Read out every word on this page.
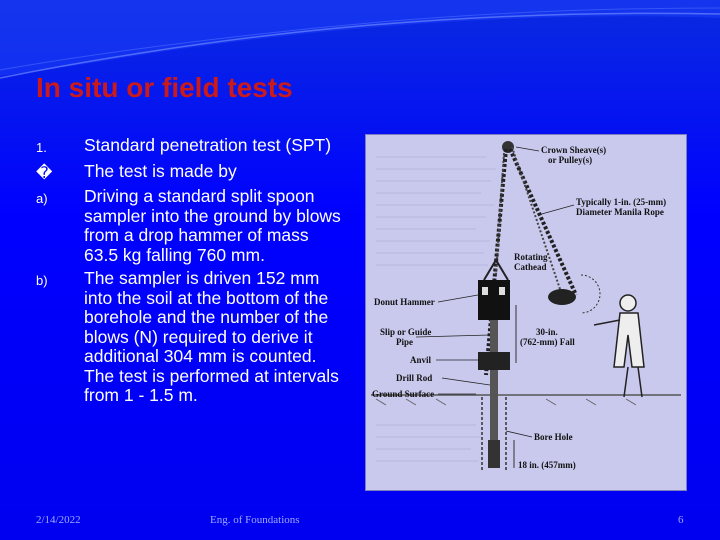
In situ or field tests
1.	Standard penetration test (SPT)
�	The test is made by
a)	Driving a standard split spoon sampler into the ground by blows from a drop hammer of mass 63.5 kg falling 760 mm.
b)	The sampler is driven 152 mm into the soil at the bottom of the borehole and the number of the blows (N) required to derive it additional 304 mm is counted. The test is performed at intervals from 1 - 1.5 m.
Crown Sheave(s)
or Pulley(s)
Typically 1-in. (25-mm)
Diameter Manila Rope
Rotating
Cathead
Donut Hammer
Slip or Guide
Pipe
30-in.
(762-mm) Fall
Anvil
Drill Rod
Ground Surface
Bore Hole
18 in. (457mm)
2/14/2022	Eng. of Foundations	6
